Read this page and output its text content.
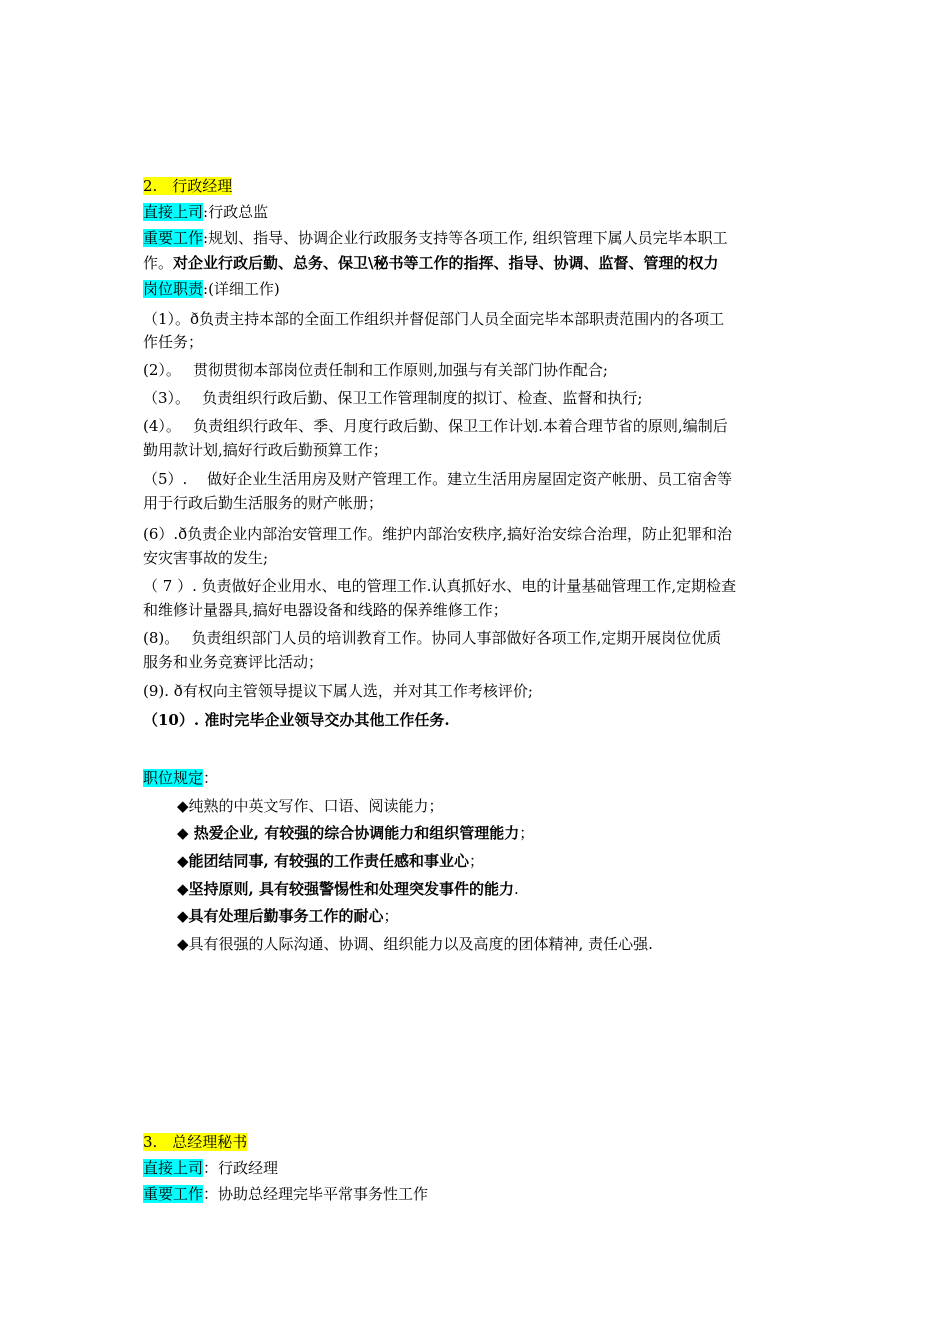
2.　行政经理
直接上司:行政总监
重要工作:规划、指导、协调企业行政服务支持等各项工作, 组织管理下属人员完毕本职工
作。对企业行政后勤、总务、保卫\秘书等工作的指挥、指导、协调、监督、管理的权力
岗位职责:(详细工作)
（1）。ð负责主持本部的全面工作组织并督促部门人员全面完毕本部职责范围内的各项工
作任务；
(2）。　 贯彻贯彻本部岗位责任制和工作原则,加强与有关部门协作配合;
（3）。　 负责组织行政后勤、保卫工作管理制度的拟订、检查、监督和执行;
(4）。　 负责组织行政年、季、月度行政后勤、保卫工作计划.本着合理节省的原则,编制后
勤用款计划,搞好行政后勤预算工作；
（5）.　 做好企业生活用房及财产管理工作。建立生活用房屋固定资产帐册、员工宿舍等
用于行政后勤生活服务的财产帐册；
(6）.ð负责企业内部治安管理工作。维护内部治安秩序,搞好治安综合治理，防止犯罪和治
安灾害事故的发生;
（ 7 ）. 负责做好企业用水、电的管理工作.认真抓好水、电的计量基础管理工作,定期检查
和维修计量器具,搞好电器设备和线路的保养维修工作；
(8)。　 负责组织部门人员的培训教育工作。协同人事部做好各项工作,定期开展岗位优质
服务和业务竞赛评比活动；
(9). ð有权向主管领导提议下属人选，并对其工作考核评价;
（10）. 准时完毕企业领导交办其他工作任务.
职位规定：
◆纯熟的中英文写作、口语、阅读能力；
◆ 热爱企业, 有较强的综合协调能力和组织管理能力；
◆能团结同事, 有较强的工作责任感和事业心；
◆坚持原则, 具有较强警惕性和处理突发事件的能力.
◆具有处理后勤事务工作的耐心；
◆具有很强的人际沟通、协调、组织能力以及高度的团体精神, 责任心强.
3.　总经理秘书
直接上司：行政经理
重要工作：协助总经理完毕平常事务性工作
